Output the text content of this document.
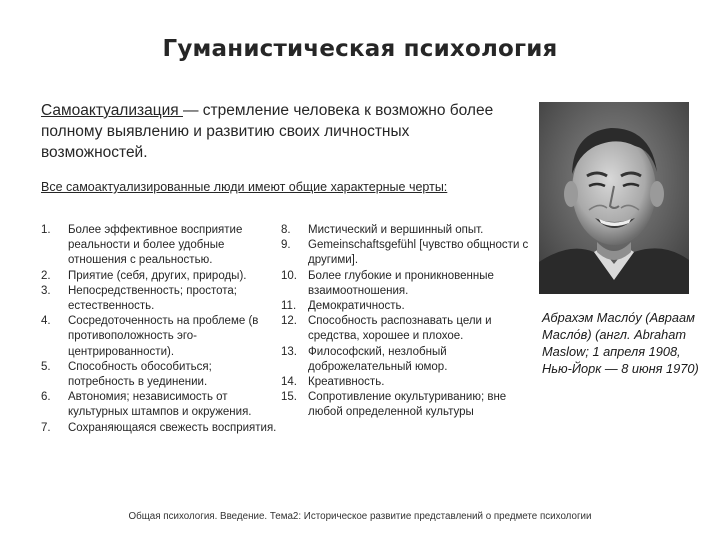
Гуманистическая психология
Самоактуализация — стремление человека к возможно более полному выявлению и развитию своих личностных возможностей.
Все самоактуализированные люди имеют общие характерные черты:
1. Более эффективное восприятие реальности и более удобные отношения с реальностью.
2. Приятие (себя, других, природы).
3. Непосредственность; простота; естественность.
4. Сосредоточенность на проблеме (в противоположность эго-центрированности).
5. Способность обособиться; потребность в уединении.
6. Автономия; независимость от культурных штампов и окружения.
7. Сохраняющаяся свежесть восприятия.
8. Мистический и вершинный опыт.
9. Gemeinschaftsgefühl [чувство общности с другими].
10. Более глубокие и проникновенные взаимоотношения.
11. Демократичность.
12. Способность распознавать цели и средства, хорошее и плохое.
13. Философский, незлобный доброжелательный юмор.
14. Креативность.
15. Сопротивление окультуриванию; вне любой определенной культуры
Абрахэм Масло́у (Авраам Масло́в) (англ. Abraham Maslow; 1 апреля 1908, Нью-Йорк — 8 июня 1970)
Общая психология. Введение. Тема2: Историческое развитие представлений о предмете психологии
